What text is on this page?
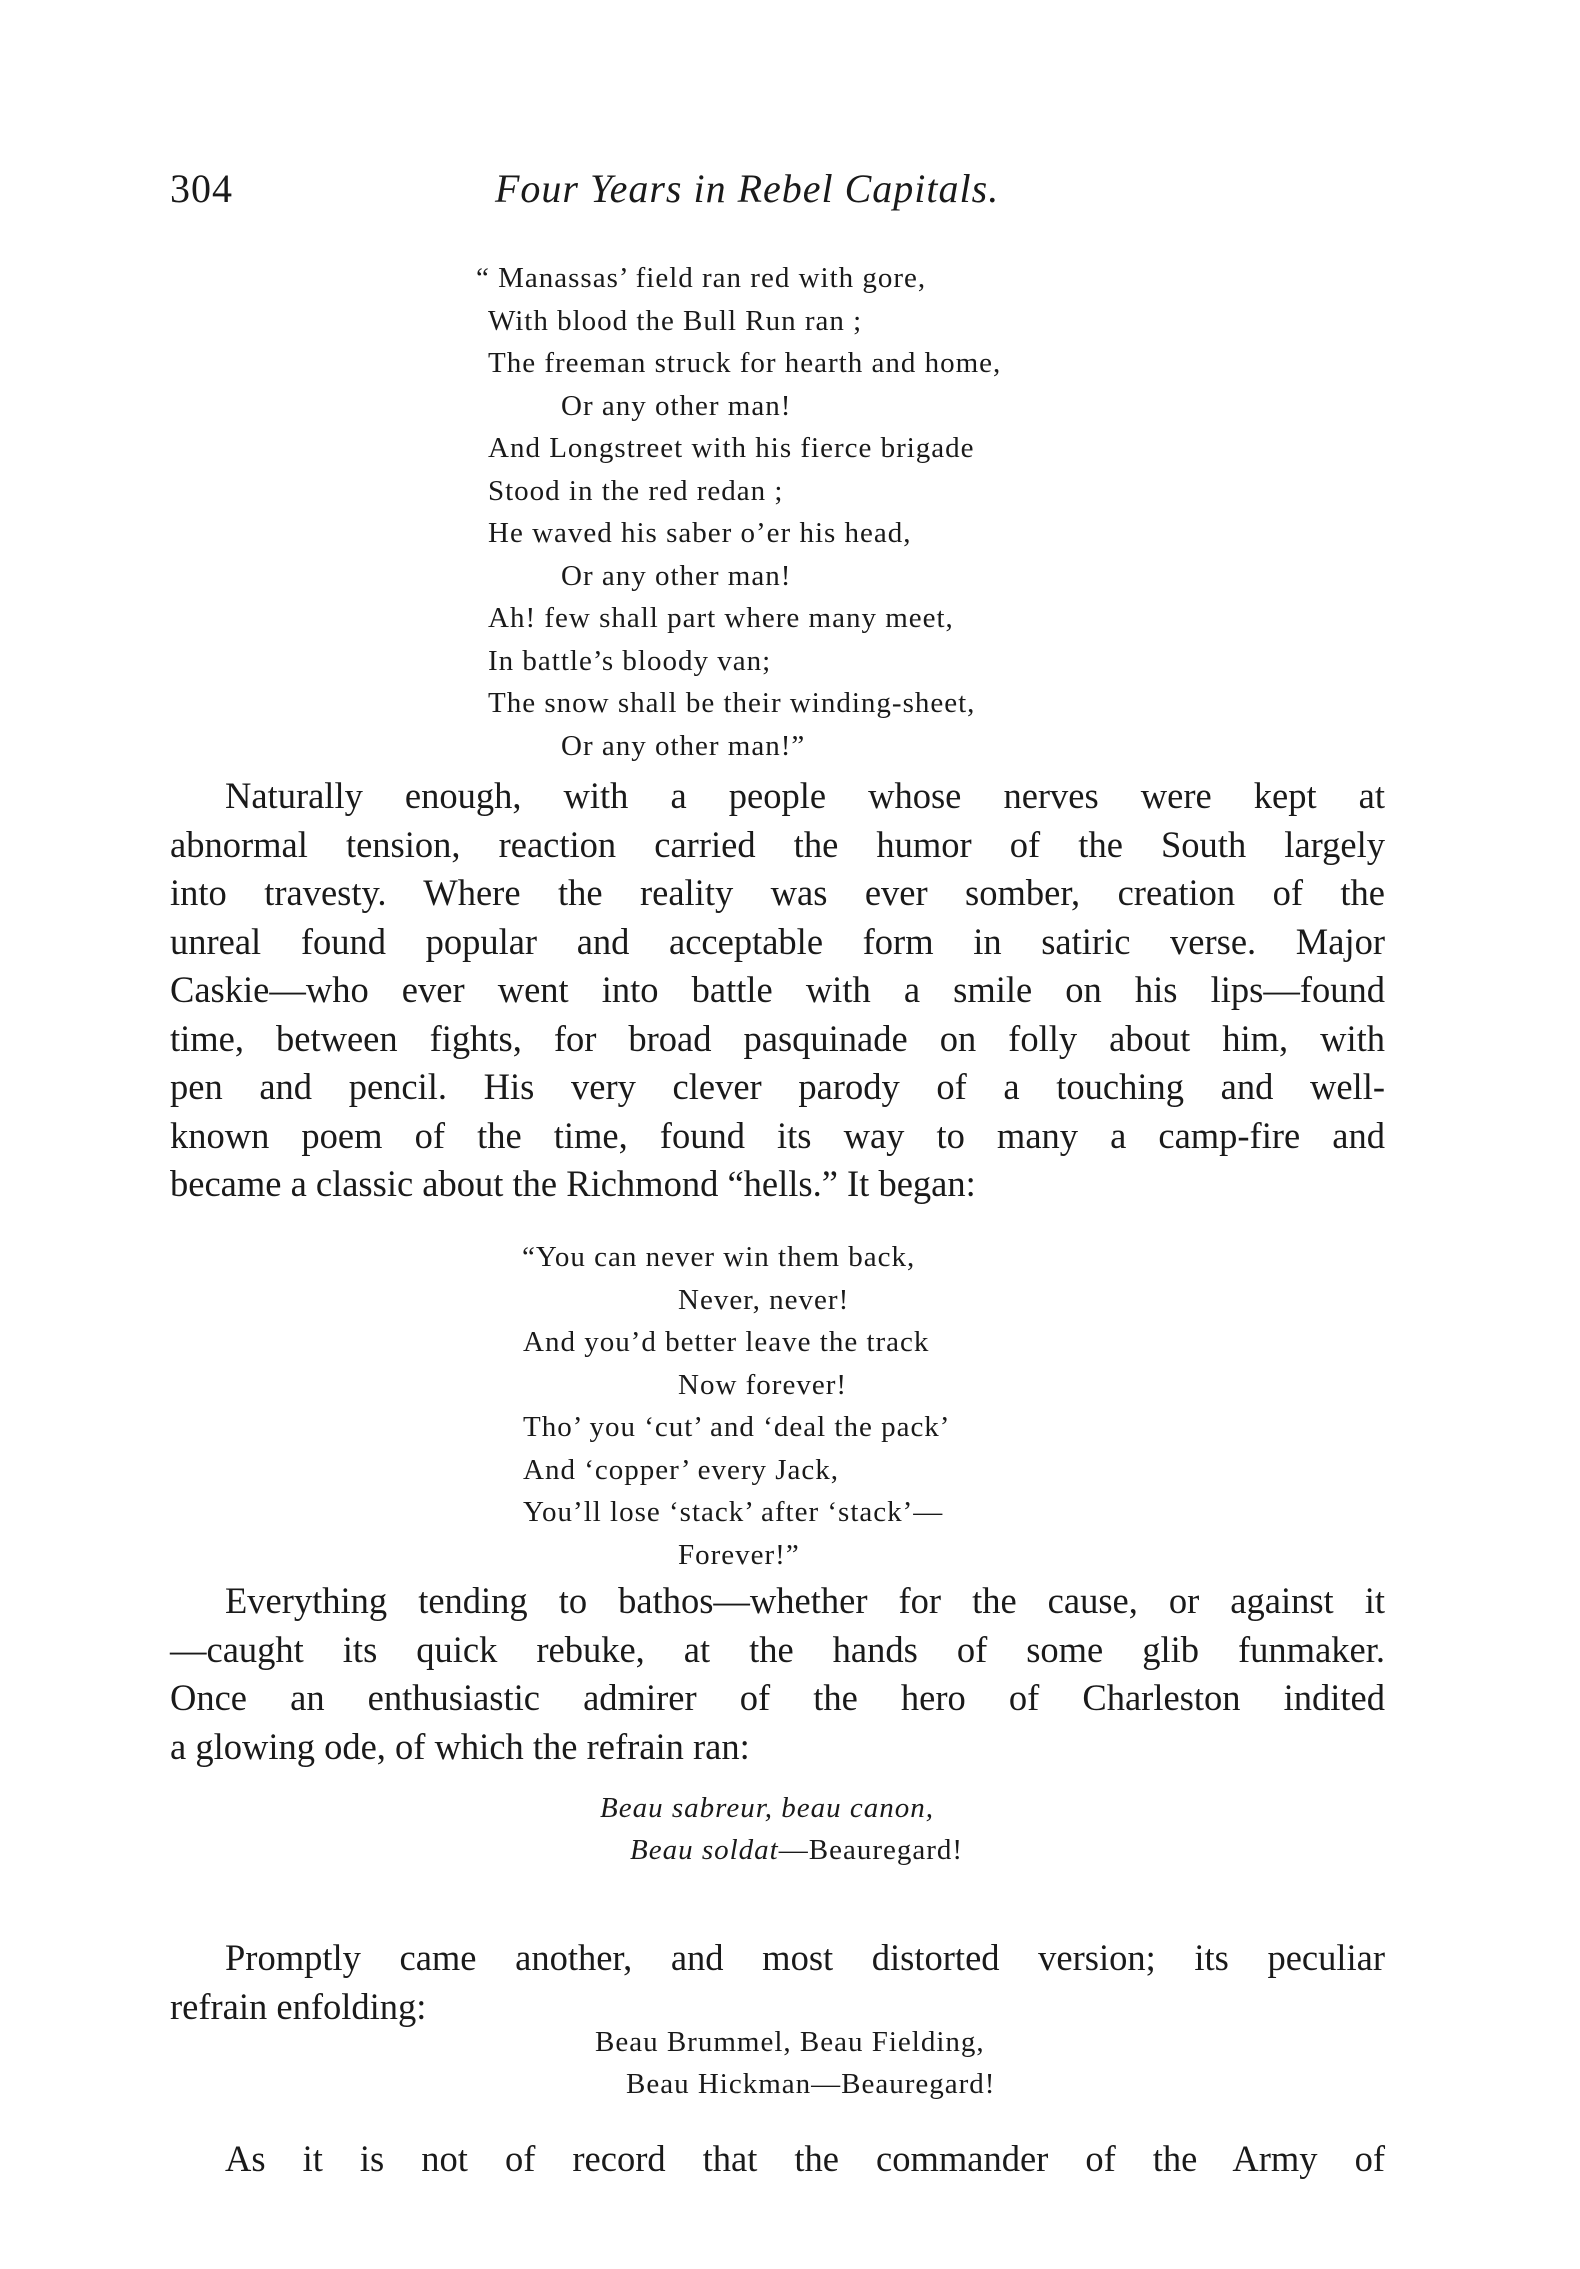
304	Four Years in Rebel Capitals.
“ Manassas’ field ran red with gore,
With blood the Bull Run ran ;
The freeman struck for hearth and home,
Or any other man!
And Longstreet with his fierce brigade
Stood in the red redan ;
He waved his saber o’er his head,
Or any other man!
Ah! few shall part where many meet,
In battle’s bloody van;
The snow shall be their winding-sheet,
Or any other man!”
Naturally enough, with a people whose nerves were kept at
abnormal tension, reaction carried the humor of the South largely
into travesty. Where the reality was ever somber, creation of the
unreal found popular and acceptable form in satiric verse. Major
Caskie—who ever went into battle with a smile on his lips—found
time, between fights, for broad pasquinade on folly about him, with
pen and pencil. His very clever parody of a touching and well-
known poem of the time, found its way to many a camp-fire and
became a classic about the Richmond “hells.” It began:
“You can never win them back,
Never, never!
And you’d better leave the track
Now forever!
Tho’ you ‘cut’ and ‘deal the pack’
And ‘copper’ every Jack,
You’ll lose ‘stack’ after ‘stack’—
Forever!”
Everything tending to bathos—whether for the cause, or against it
—caught its quick rebuke, at the hands of some glib funmaker.
Once an enthusiastic admirer of the hero of Charleston indited
a glowing ode, of which the refrain ran:
Beau sabreur, beau canon,
Beau soldat—Beauregard!
Promptly came another, and most distorted version; its peculiar
refrain enfolding:
Beau Brummel, Beau Fielding,
Beau Hickman—Beauregard!
As it is not of record that the commander of the Army of
